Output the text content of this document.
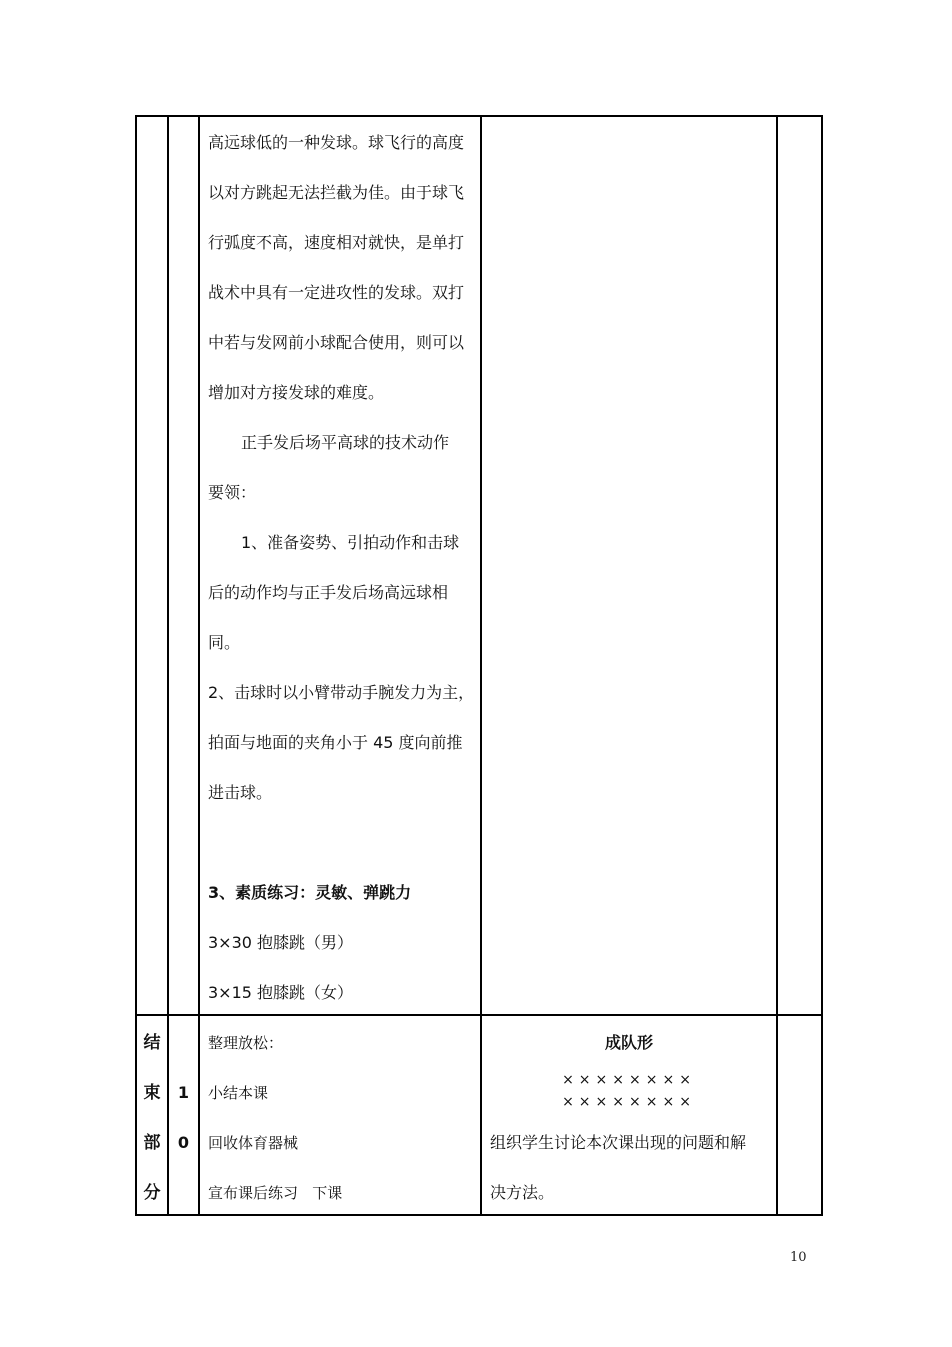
高远球低的一种发球。球飞行的高度
以对方跳起无法拦截为佳。由于球飞
行弧度不高，速度相对就快，是单打
战术中具有一定进攻性的发球。双打
中若与发网前小球配合使用，则可以
增加对方接发球的难度。
正手发后场平高球的技术动作
要领：
1、准备姿势、引拍动作和击球
后的动作均与正手发后场高远球相
同。
2、击球时以小臂带动手腕发力为主，
拍面与地面的夹角小于 45 度向前推
进击球。
3、素质练习：灵敏、弹跳力
3×30 抱膝跳（男）
3×15 抱膝跳（女）
结
束
部
分
1
0
整理放松：
小结本课
回收体育器械
宣布课后练习   下课
成队形
××××××××
××××××××
组织学生讨论本次课出现的问题和解
决方法。
10
